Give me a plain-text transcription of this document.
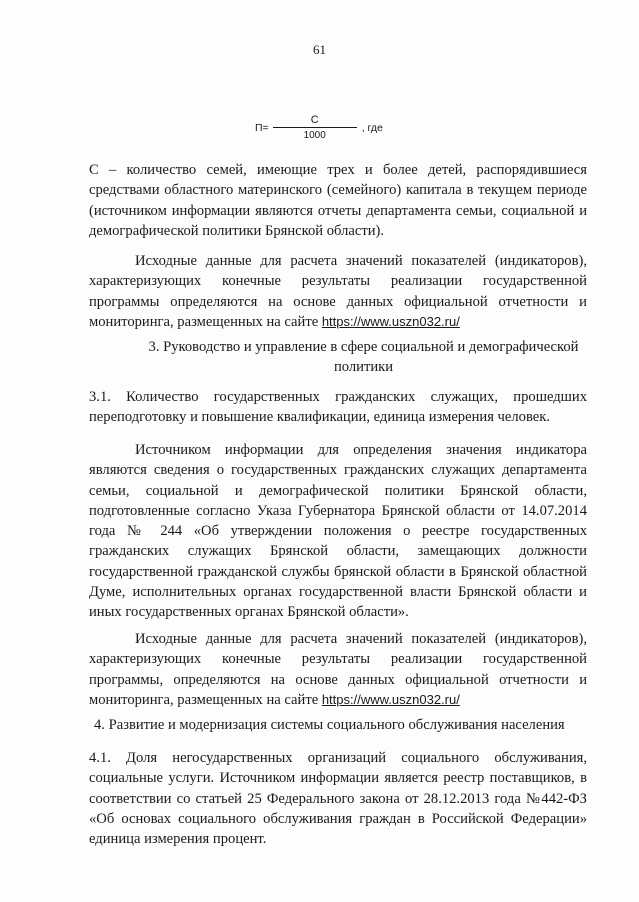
61
$П= \frac{С}{1000}$ , где

С – количество семей, имеющие трех и более детей, распорядившиеся средствами областного материнского (семейного) капитала в текущем периоде (источником информации являются отчеты департамента семьи, социальной и демографической политики Брянской области).

Исходные данные для расчета значений показателей (индикаторов), характеризующих конечные результаты реализации государственной программы определяются на основе данных официальной отчетности и мониторинга, размещенных на сайте https://www.uszn032.ru/

3. Руководство и управление в сфере социальной и демографической политики

3.1. Количество государственных гражданских служащих, прошедших переподготовку и повышение квалификации, единица измерения человек.

Источником информации для определения значения индикатора являются сведения о государственных гражданских служащих департамента семьи, социальной и демографической политики Брянской области, подготовленные согласно Указа Губернатора Брянской области от 14.07.2014 года № 244 «Об утверждении положения о реестре государственных гражданских служащих Брянской области, замещающих должности государственной гражданской службы брянской области в Брянской областной Думе, исполнительных органах государственной власти Брянской области и иных государственных органах Брянской области».

Исходные данные для расчета значений показателей (индикаторов), характеризующих конечные результаты реализации государственной программы, определяются на основе данных официальной отчетности и мониторинга, размещенных на сайте https://www.uszn032.ru/

4. Развитие и модернизация системы социального обслуживания населения

4.1. Доля негосударственных организаций социального обслуживания, социальные услуги. Источником информации является реестр поставщиков, в соответствии со статьей 25 Федерального закона от 28.12.2013 года №442-ФЗ «Об основах социального обслуживания граждан в Российской Федерации» единица измерения процент.
